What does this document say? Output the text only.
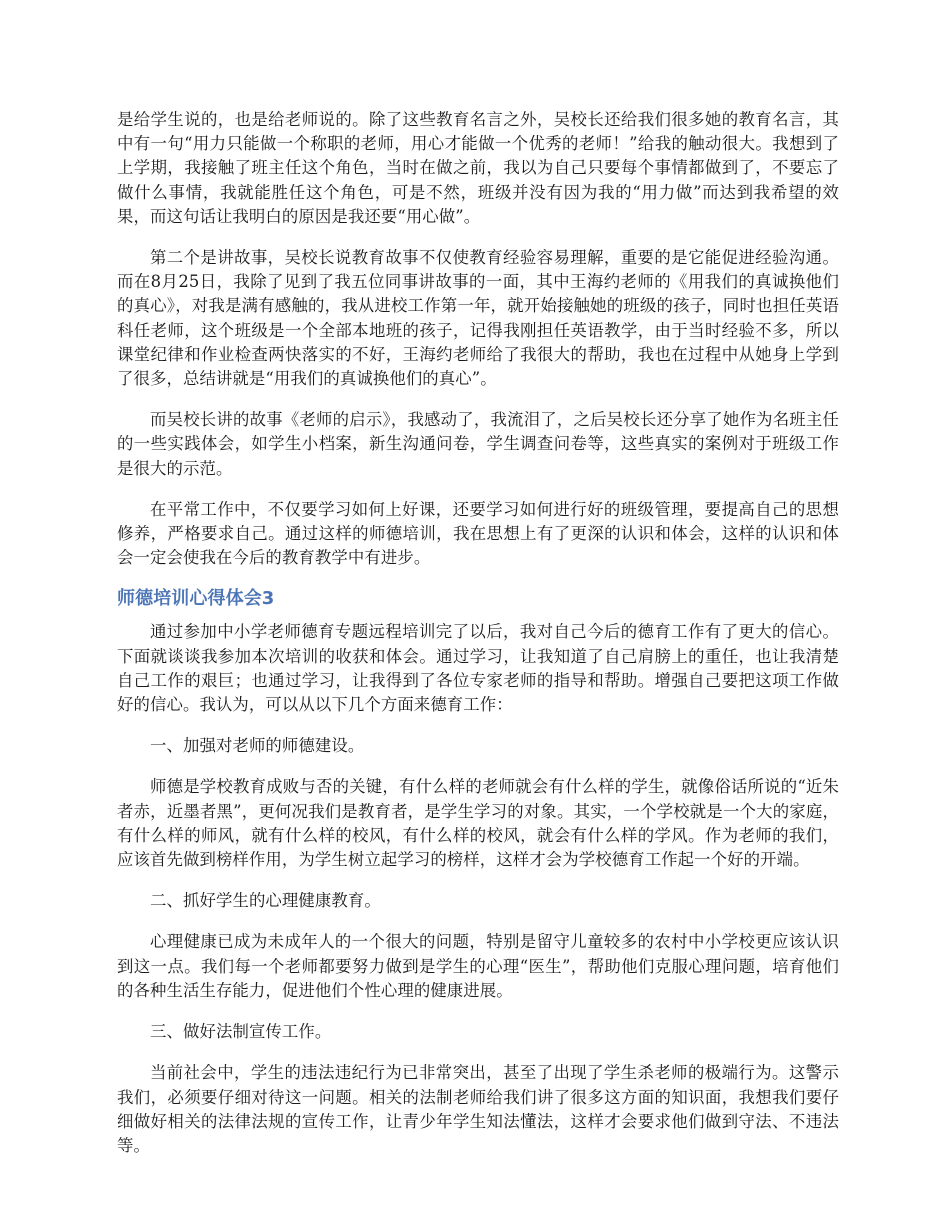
是给学生说的，也是给老师说的。除了这些教育名言之外，吴校长还给我们很多她的教育名言，其中有一句“用力只能做一个称职的老师，用心才能做一个优秀的老师！”给我的触动很大。我想到了上学期，我接触了班主任这个角色，当时在做之前，我以为自己只要每个事情都做到了，不要忘了做什么事情，我就能胜任这个角色，可是不然，班级并没有因为我的“用力做”而达到我希望的效果，而这句话让我明白的原因是我还要“用心做”。

第二个是讲故事，吴校长说教育故事不仅使教育经验容易理解，重要的是它能促进经验沟通。而在8月25日，我除了见到了我五位同事讲故事的一面，其中王海约老师的《用我们的真诚换他们的真心》，对我是满有感触的，我从进校工作第一年，就开始接触她的班级的孩子，同时也担任英语科任老师，这个班级是一个全部本地班的孩子，记得我刚担任英语教学，由于当时经验不多，所以课堂纪律和作业检查两快落实的不好，王海约老师给了我很大的帮助，我也在过程中从她身上学到了很多，总结讲就是“用我们的真诚换他们的真心”。

而吴校长讲的故事《老师的启示》，我感动了，我流泪了，之后吴校长还分享了她作为名班主任的一些实践体会，如学生小档案，新生沟通问卷，学生调查问卷等，这些真实的案例对于班级工作是很大的示范。

在平常工作中，不仅要学习如何上好课，还要学习如何进行好的班级管理，要提高自己的思想修养，严格要求自己。通过这样的师德培训，我在思想上有了更深的认识和体会，这样的认识和体会一定会使我在今后的教育教学中有进步。

师德培训心得体会3

通过参加中小学老师德育专题远程培训完了以后，我对自己今后的德育工作有了更大的信心。下面就谈谈我参加本次培训的收获和体会。通过学习，让我知道了自己肩膀上的重任，也让我清楚自己工作的艰巨；也通过学习，让我得到了各位专家老师的指导和帮助。增强自己要把这项工作做好的信心。我认为，可以从以下几个方面来德育工作：

一、加强对老师的师德建设。

师德是学校教育成败与否的关键，有什么样的老师就会有什么样的学生，就像俗话所说的“近朱者赤，近墨者黑”，更何况我们是教育者，是学生学习的对象。其实，一个学校就是一个大的家庭，有什么样的师风，就有什么样的校风，有什么样的校风，就会有什么样的学风。作为老师的我们，应该首先做到榜样作用，为学生树立起学习的榜样，这样才会为学校德育工作起一个好的开端。

二、抓好学生的心理健康教育。

心理健康已成为未成年人的一个很大的问题，特别是留守儿童较多的农村中小学校更应该认识到这一点。我们每一个老师都要努力做到是学生的心理“医生”，帮助他们克服心理问题，培育他们的各种生活生存能力，促进他们个性心理的健康进展。

三、做好法制宣传工作。

当前社会中，学生的违法违纪行为已非常突出，甚至了出现了学生杀老师的极端行为。这警示我们，必须要仔细对待这一问题。相关的法制老师给我们讲了很多这方面的知识面，我想我们要仔细做好相关的法律法规的宣传工作，让青少年学生知法懂法，这样才会要求他们做到守法、不违法等。
